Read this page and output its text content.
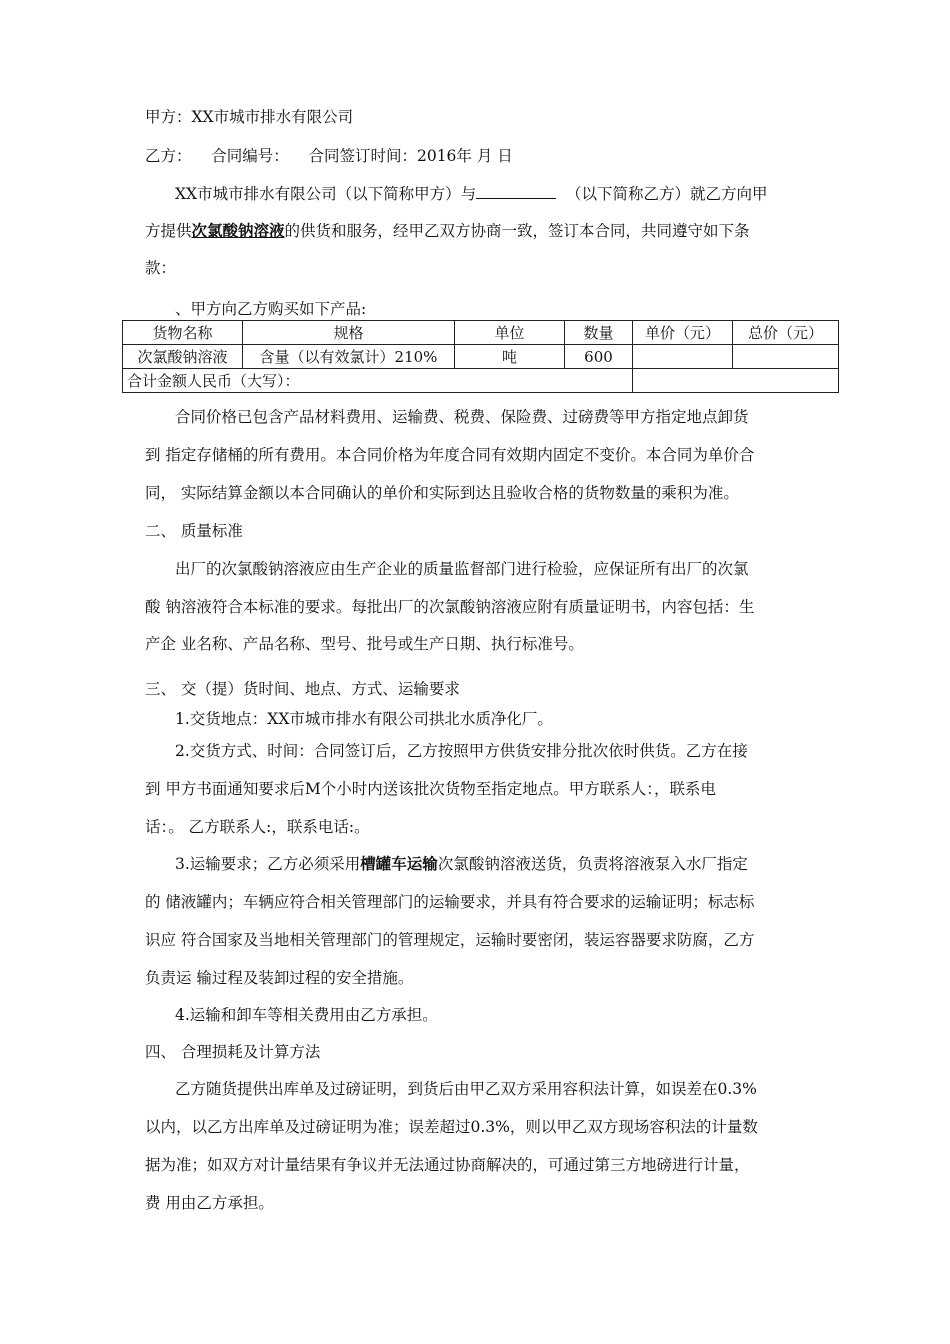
甲方：XX市城市排水有限公司
乙方： 合同编号： 合同签订时间：2016年 月 日
XX市城市排水有限公司（以下简称甲方）与	（以下简称乙方）就乙方向甲
方提供次氯酸钠溶液的供货和服务，经甲乙双方协商一致，签订本合同，共同遵守如下条
款：
、甲方向乙方购买如下产品:
货物名称	规格	单位	数量	单价（元）	总价（元）
次氯酸钠溶液	含量（以有效氯计）210%	吨	600		
合计金额人民币（大写）：					
合同价格已包含产品材料费用、运输费、税费、保险费、过磅费等甲方指定地点卸货
到 指定存储桶的所有费用。本合同价格为年度合同有效期内固定不变价。本合同为单价合
同， 实际结算金额以本合同确认的单价和实际到达且验收合格的货物数量的乘积为准。
二、 质量标准
出厂的次氯酸钠溶液应由生产企业的质量监督部门进行检验，应保证所有出厂的次氯
酸 钠溶液符合本标准的要求。每批出厂的次氯酸钠溶液应附有质量证明书，内容包括：生
产企 业名称、产品名称、型号、批号或生产日期、执行标准号。
三、 交（提）货时间、地点、方式、运输要求
1.交货地点：XX市城市排水有限公司拱北水质净化厂。
2.交货方式、时间：合同签订后，乙方按照甲方供货安排分批次依时供货。乙方在接
到 甲方书面通知要求后M个小时内送该批次货物至指定地点。甲方联系人：，联系电
话：。 乙方联系人:，联系电话:。
3.运输要求；乙方必须采用槽罐车运输次氯酸钠溶液送货，负责将溶液泵入水厂指定
的 储液罐内；车辆应符合相关管理部门的运输要求，并具有符合要求的运输证明；标志标
识应 符合国家及当地相关管理部门的管理规定，运输时要密闭，装运容器要求防腐，乙方
负责运 输过程及装卸过程的安全措施。
4.运输和卸车等相关费用由乙方承担。
四、 合理损耗及计算方法
乙方随货提供出库单及过磅证明，到货后由甲乙双方采用容积法计算，如误差在0.3%
以内，以乙方出库单及过磅证明为准；误差超过0.3%，则以甲乙双方现场容积法的计量数
据为准；如双方对计量结果有争议并无法通过协商解决的，可通过第三方地磅进行计量，
费 用由乙方承担。
